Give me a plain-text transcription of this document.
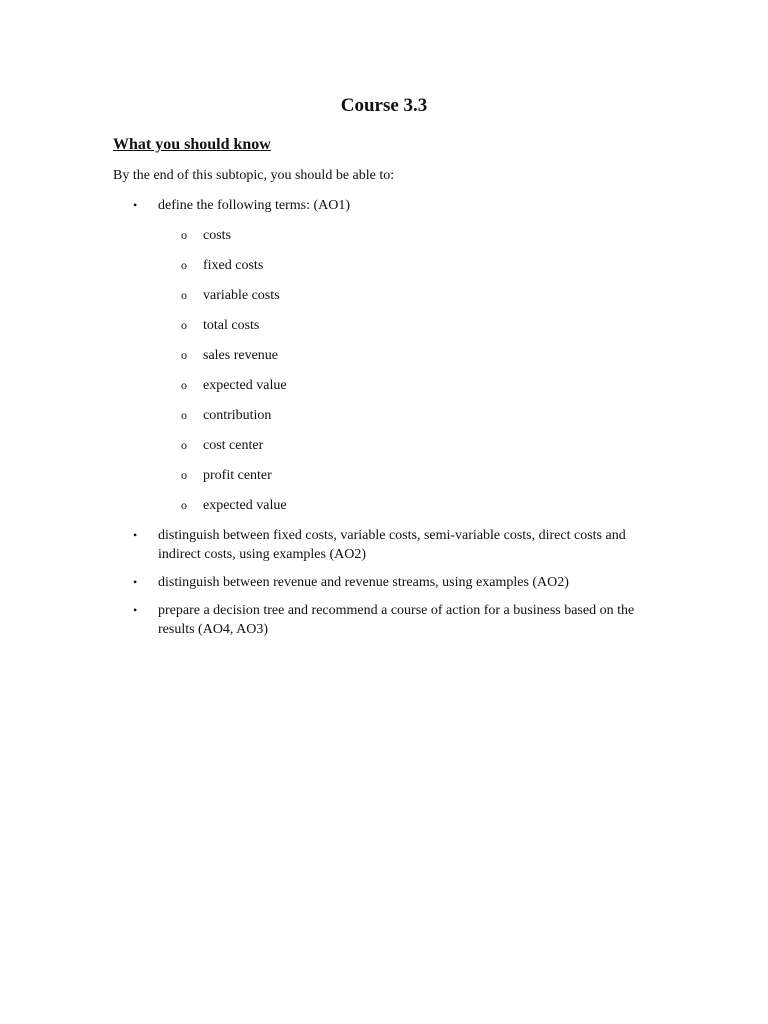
Course 3.3
What you should know
By the end of this subtopic, you should be able to:
• define the following terms: (AO1)
o costs
o fixed costs
o variable costs
o total costs
o sales revenue
o expected value
o contribution
o cost center
o profit center
o expected value
• distinguish between fixed costs, variable costs, semi-variable costs, direct costs and indirect costs, using examples (AO2)
• distinguish between revenue and revenue streams, using examples (AO2)
• prepare a decision tree and recommend a course of action for a business based on the results (AO4, AO3)
